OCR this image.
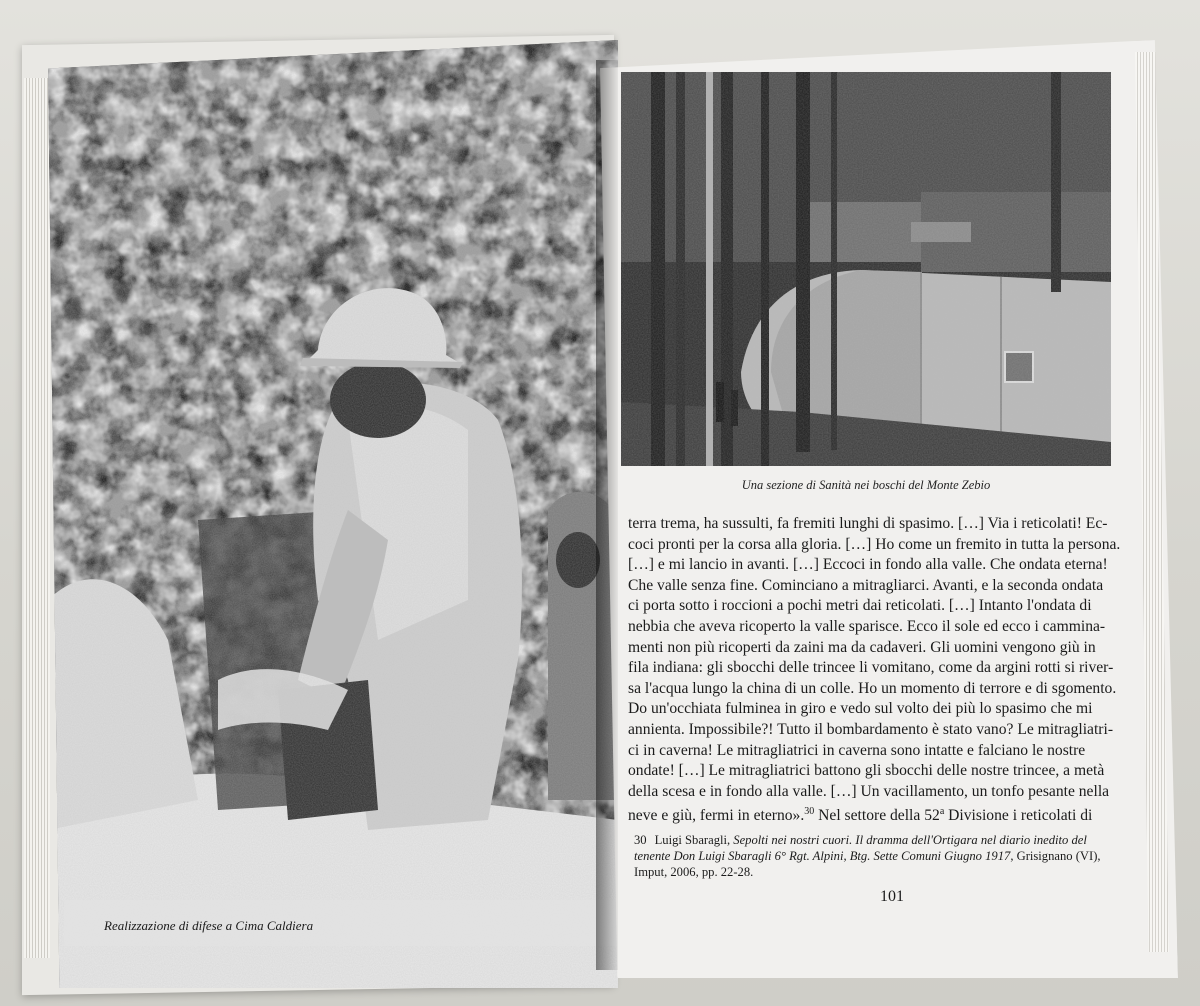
Realizzazione di difese a Cima Caldiera
Una sezione di Sanità nei boschi del Monte Zebio
terra trema, ha sussulti, fa fremiti lunghi di spasimo. […] Via i reticolati! Ec-
coci pronti per la corsa alla gloria. […] Ho come un fremito in tutta la persona.
[…] e mi lancio in avanti. […] Eccoci in fondo alla valle. Che ondata eterna!
Che valle senza fine. Cominciano a mitragliarci. Avanti, e la seconda ondata
ci porta sotto i roccioni a pochi metri dai reticolati. […] Intanto l'ondata di
nebbia che aveva ricoperto la valle sparisce. Ecco il sole ed ecco i cammina-
menti non più ricoperti da zaini ma da cadaveri. Gli uomini vengono giù in
fila indiana: gli sbocchi delle trincee li vomitano, come da argini rotti si river-
sa l'acqua lungo la china di un colle. Ho un momento di terrore e di sgomento.
Do un'occhiata fulminea in giro e vedo sul volto dei più lo spasimo che mi
annienta. Impossibile?! Tutto il bombardamento è stato vano? Le mitragliatri-
ci in caverna! Le mitragliatrici in caverna sono intatte e falciano le nostre
ondate! […] Le mitragliatrici battono gli sbocchi delle nostre trincee, a metà
della scesa e in fondo alla valle. […] Un vacillamento, un tonfo pesante nella
neve e giù, fermi in eterno».$^{30}$ Nel settore della 52$^a$ Divisione i reticolati di
30 Luigi Sbaragli, Sepolti nei nostri cuori. Il dramma dell'Ortigara nel diario inedito del tenente Don Luigi Sbaragli 6° Rgt. Alpini, Btg. Sette Comuni Giugno 1917, Grisignano (VI), Imput, 2006, pp. 22-28.
101
